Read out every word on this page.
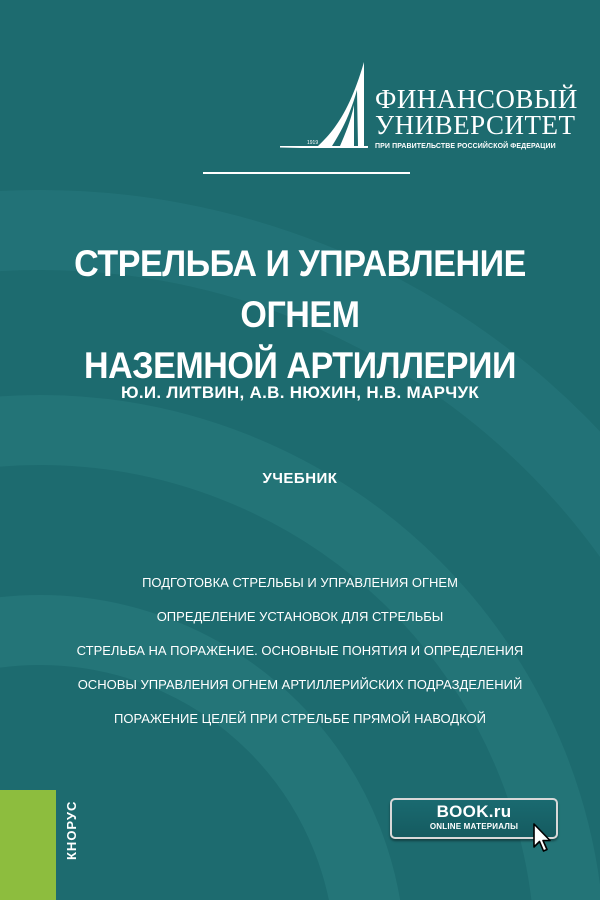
1919
ФИНАНСОВЫЙ
УНИВЕРСИТЕТ
ПРИ ПРАВИТЕЛЬСТВЕ РОССИЙСКОЙ ФЕДЕРАЦИИ
СТРЕЛЬБА И УПРАВЛЕНИЕ ОГНЕМ
НАЗЕМНОЙ АРТИЛЛЕРИИ
Ю.И. ЛИТВИН, А.В. НЮХИН, Н.В. МАРЧУК
УЧЕБНИК
ПОДГОТОВКА СТРЕЛЬБЫ И УПРАВЛЕНИЯ ОГНЕМ
ОПРЕДЕЛЕНИЕ УСТАНОВОК ДЛЯ СТРЕЛЬБЫ
СТРЕЛЬБА НА ПОРАЖЕНИЕ. ОСНОВНЫЕ ПОНЯТИЯ И ОПРЕДЕЛЕНИЯ
ОСНОВЫ УПРАВЛЕНИЯ ОГНЕМ АРТИЛЛЕРИЙСКИХ ПОДРАЗДЕЛЕНИЙ
ПОРАЖЕНИЕ ЦЕЛЕЙ ПРИ СТРЕЛЬБЕ ПРЯМОЙ НАВОДКОЙ
КНОРУС	BOOK.ru
ONLINE МАТЕРИАЛЫ
